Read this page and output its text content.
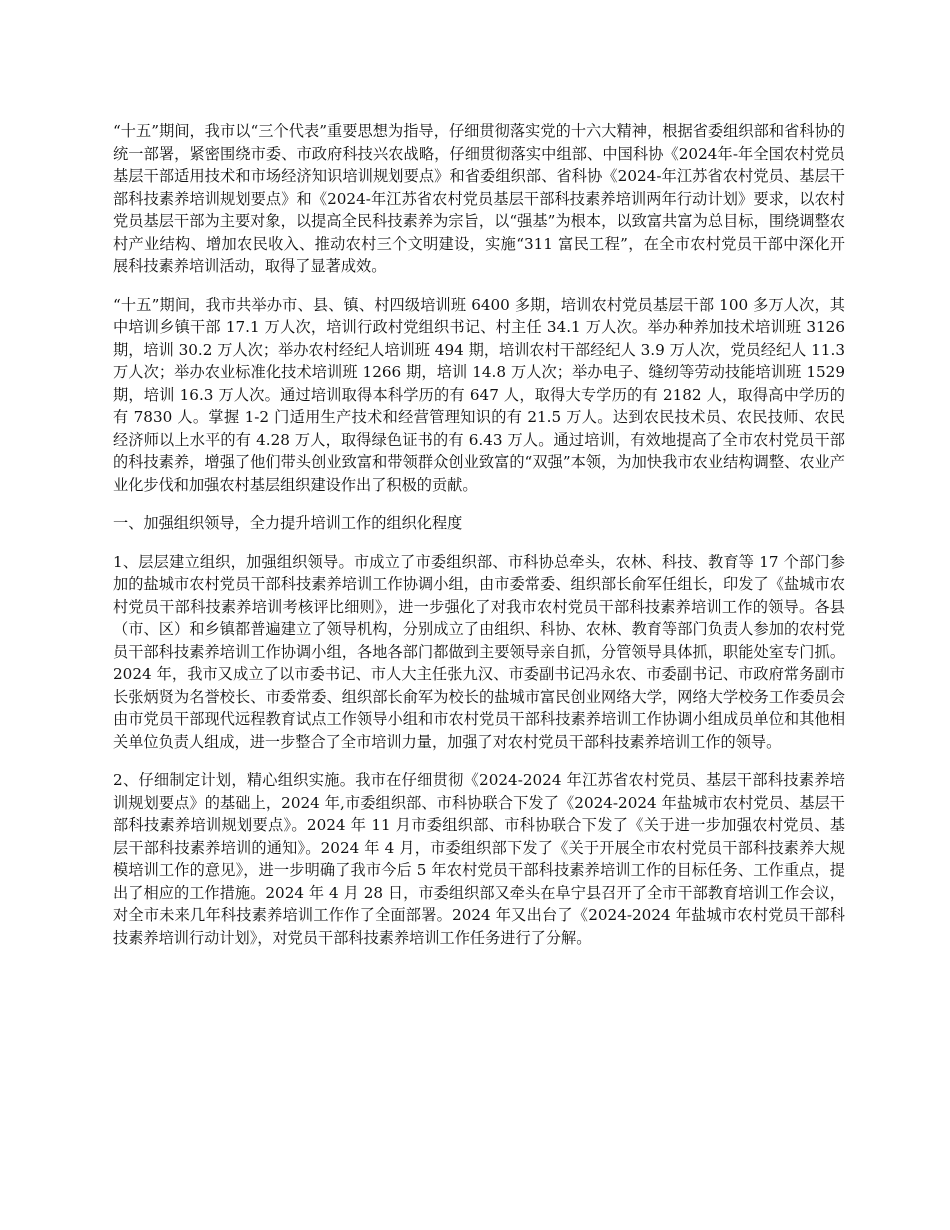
“十五”期间，我市以“三个代表”重要思想为指导，仔细贯彻落实党的十六大精神，根据省委组织部和省科协的统一部署，紧密围绕市委、市政府科技兴农战略，仔细贯彻落实中组部、中国科协《2024年-年全国农村党员基层干部适用技术和市场经济知识培训规划要点》和省委组织部、省科协《2024-年江苏省农村党员、基层干部科技素养培训规划要点》和《2024-年江苏省农村党员基层干部科技素养培训两年行动计划》要求，以农村党员基层干部为主要对象，以提高全民科技素养为宗旨，以“强基”为根本，以致富共富为总目标，围绕调整农村产业结构、增加农民收入、推动农村三个文明建设，实施“311 富民工程”，在全市农村党员干部中深化开展科技素养培训活动，取得了显著成效。

“十五”期间，我市共举办市、县、镇、村四级培训班 6400 多期，培训农村党员基层干部 100 多万人次，其中培训乡镇干部 17.1 万人次，培训行政村党组织书记、村主任 34.1 万人次。举办种养加技术培训班 3126 期，培训 30.2 万人次；举办农村经纪人培训班 494 期，培训农村干部经纪人 3.9 万人次，党员经纪人 11.3 万人次；举办农业标准化技术培训班 1266 期，培训 14.8 万人次；举办电子、缝纫等劳动技能培训班 1529 期，培训 16.3 万人次。通过培训取得本科学历的有 647 人，取得大专学历的有 2182 人，取得高中学历的有 7830 人。掌握 1-2 门适用生产技术和经营管理知识的有 21.5 万人。达到农民技术员、农民技师、农民经济师以上水平的有 4.28 万人，取得绿色证书的有 6.43 万人。通过培训，有效地提高了全市农村党员干部的科技素养，增强了他们带头创业致富和带领群众创业致富的“双强”本领，为加快我市农业结构调整、农业产业化步伐和加强农村基层组织建设作出了积极的贡献。

一、加强组织领导，全力提升培训工作的组织化程度

1、层层建立组织，加强组织领导。市成立了市委组织部、市科协总牵头，农林、科技、教育等 17 个部门参加的盐城市农村党员干部科技素养培训工作协调小组，由市委常委、组织部长俞军任组长，印发了《盐城市农村党员干部科技素养培训考核评比细则》，进一步强化了对我市农村党员干部科技素养培训工作的领导。各县（市、区）和乡镇都普遍建立了领导机构，分别成立了由组织、科协、农林、教育等部门负责人参加的农村党员干部科技素养培训工作协调小组，各地各部门都做到主要领导亲自抓，分管领导具体抓，职能处室专门抓。2024 年，我市又成立了以市委书记、市人大主任张九汉、市委副书记冯永农、市委副书记、市政府常务副市长张炳贤为名誉校长、市委常委、组织部长俞军为校长的盐城市富民创业网络大学，网络大学校务工作委员会由市党员干部现代远程教育试点工作领导小组和市农村党员干部科技素养培训工作协调小组成员单位和其他相关单位负责人组成，进一步整合了全市培训力量，加强了对农村党员干部科技素养培训工作的领导。

2、仔细制定计划，精心组织实施。我市在仔细贯彻《2024-2024 年江苏省农村党员、基层干部科技素养培训规划要点》的基础上，2024 年,市委组织部、市科协联合下发了《2024-2024 年盐城市农村党员、基层干部科技素养培训规划要点》。2024 年 11 月市委组织部、市科协联合下发了《关于进一步加强农村党员、基层干部科技素养培训的通知》。2024 年 4 月，市委组织部下发了《关于开展全市农村党员干部科技素养大规模培训工作的意见》，进一步明确了我市今后 5 年农村党员干部科技素养培训工作的目标任务、工作重点，提出了相应的工作措施。2024 年 4 月 28 日，市委组织部又牵头在阜宁县召开了全市干部教育培训工作会议，对全市未来几年科技素养培训工作作了全面部署。2024 年又出台了《2024-2024 年盐城市农村党员干部科技素养培训行动计划》，对党员干部科技素养培训工作任务进行了分解。
